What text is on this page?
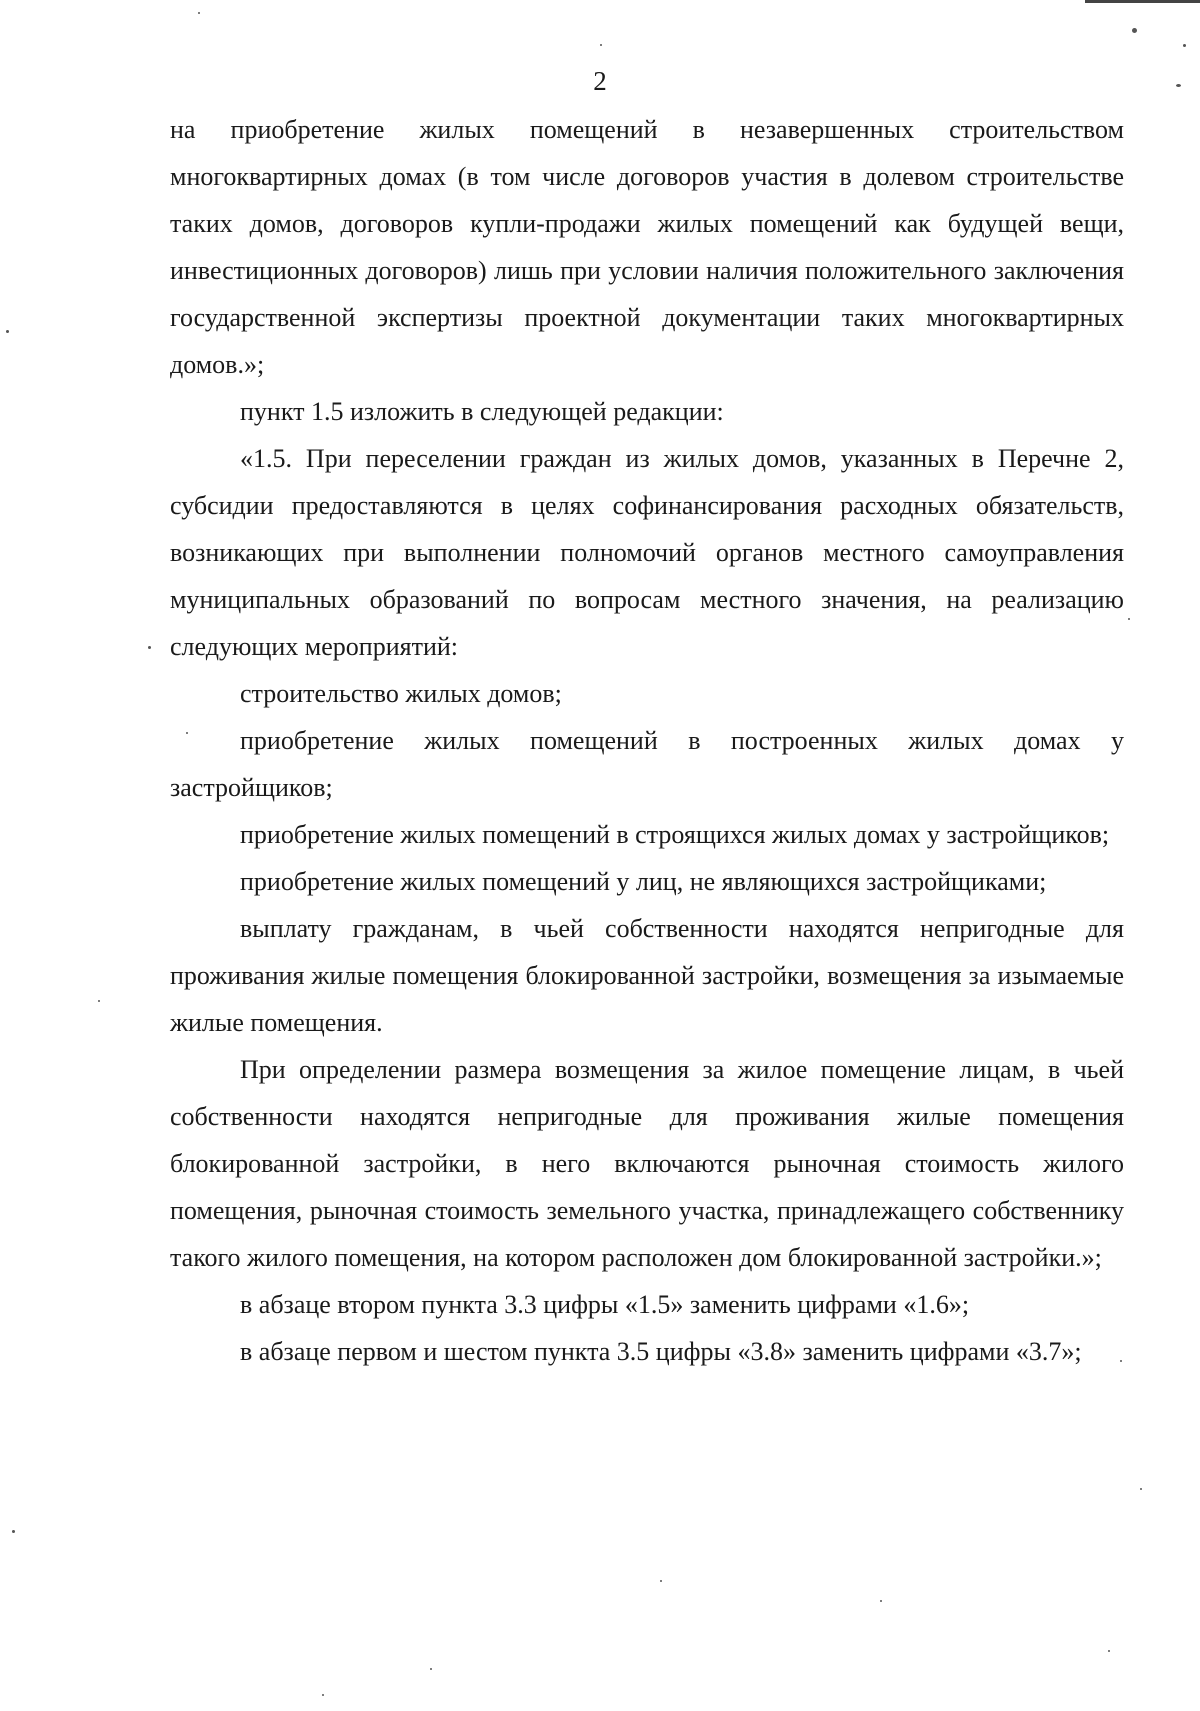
2

на приобретение жилых помещений в незавершенных строительством многоквартирных домах (в том числе договоров участия в долевом строительстве таких домов, договоров купли-продажи жилых помещений как будущей вещи, инвестиционных договоров) лишь при условии наличия положительного заключения государственной экспертизы проектной документации таких многоквартирных домов.»;

пункт 1.5 изложить в следующей редакции:

«1.5. При переселении граждан из жилых домов, указанных в Перечне 2, субсидии предоставляются в целях софинансирования расходных обязательств, возникающих при выполнении полномочий органов местного самоуправления муниципальных образований по вопросам местного значения, на реализацию следующих мероприятий:

строительство жилых домов;

приобретение жилых помещений в построенных жилых домах у застройщиков;

приобретение жилых помещений в строящихся жилых домах у застройщиков;

приобретение жилых помещений у лиц, не являющихся застройщиками;

выплату гражданам, в чьей собственности находятся непригодные для проживания жилые помещения блокированной застройки, возмещения за изымаемые жилые помещения.

При определении размера возмещения за жилое помещение лицам, в чьей собственности находятся непригодные для проживания жилые помещения блокированной застройки, в него включаются рыночная стоимость жилого помещения, рыночная стоимость земельного участка, принадлежащего собственнику такого жилого помещения, на котором расположен дом блокированной застройки.»;

в абзаце втором пункта 3.3 цифры «1.5» заменить цифрами «1.6»;

в абзаце первом и шестом пункта 3.5 цифры «3.8» заменить цифрами «3.7»;
